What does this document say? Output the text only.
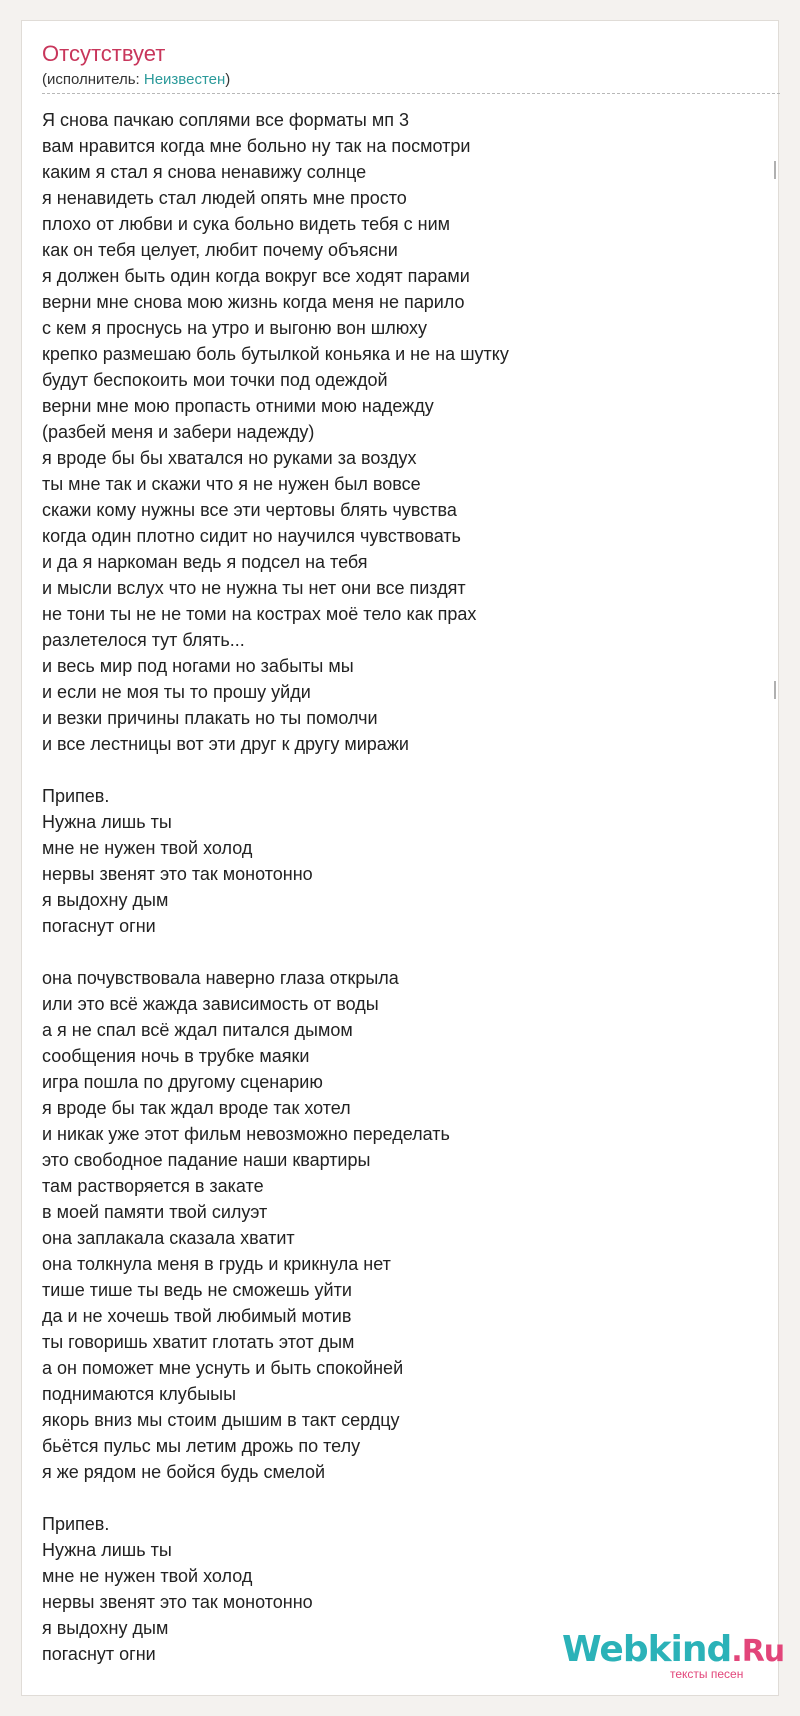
Отсутствует
(исполнитель: Неизвестен)
Я снова пачкаю соплями все форматы мп 3
вам нравится когда мне больно ну так на посмотри
каким я стал я снова ненавижу солнце
я ненавидеть стал людей опять мне просто
плохо от любви и сука больно видеть тебя с ним
как он тебя целует, любит почему объясни
я должен быть один когда вокруг все ходят парами
верни мне снова мою жизнь когда меня не парило
с кем я проснусь на утро и выгоню вон шлюху
крепко размешаю боль бутылкой коньяка и не на шутку
будут беспокоить мои точки под одеждой
верни мне мою пропасть отними мою надежду
(разбей меня и забери надежду)
я вроде бы бы хватался но руками за воздух
ты мне так и скажи что я не нужен был вовсе
скажи кому нужны все эти чертовы блять чувства
когда один плотно сидит но научился чувствовать
и да я наркоман ведь я подсел на тебя
и мысли вслух что не нужна ты нет они все пиздят
не тони ты не не томи на кострах моё тело как прах
разлетелося тут блять...
и весь мир под ногами но забыты мы
и если не моя ты то прошу уйди
и везки причины плакать но ты помолчи
и все лестницы вот эти друг к другу миражи
Припев.
Нужна лишь ты
мне не нужен твой холод
нервы звенят это так монотонно
я выдохну дым
погаснут огни
она почувствовала наверно глаза открыла
или это всё жажда зависимость от воды
а я не спал всё ждал питался дымом
сообщения ночь в трубке маяки
игра пошла по другому сценарию
я вроде бы так ждал вроде так хотел
и никак уже этот фильм невозможно переделать
это свободное падание наши квартиры
там растворяется в закате
в моей памяти твой силуэт
она заплакала сказала хватит
она толкнула меня в грудь и крикнула нет
тише тише ты ведь не сможешь уйти
да и не хочешь твой любимый мотив
ты говоришь хватит глотать этот дым
а он поможет мне уснуть и быть спокойней
поднимаются клубыыы
якорь вниз мы стоим дышим в такт сердцу
бьётся пульс мы летим дрожь по телу
я же рядом не бойся будь смелой
Припев.
Нужна лишь ты
мне не нужен твой холод
нервы звенят это так монотонно
я выдохну дым
погаснут огни	Webkind.Ru
тексты песен
